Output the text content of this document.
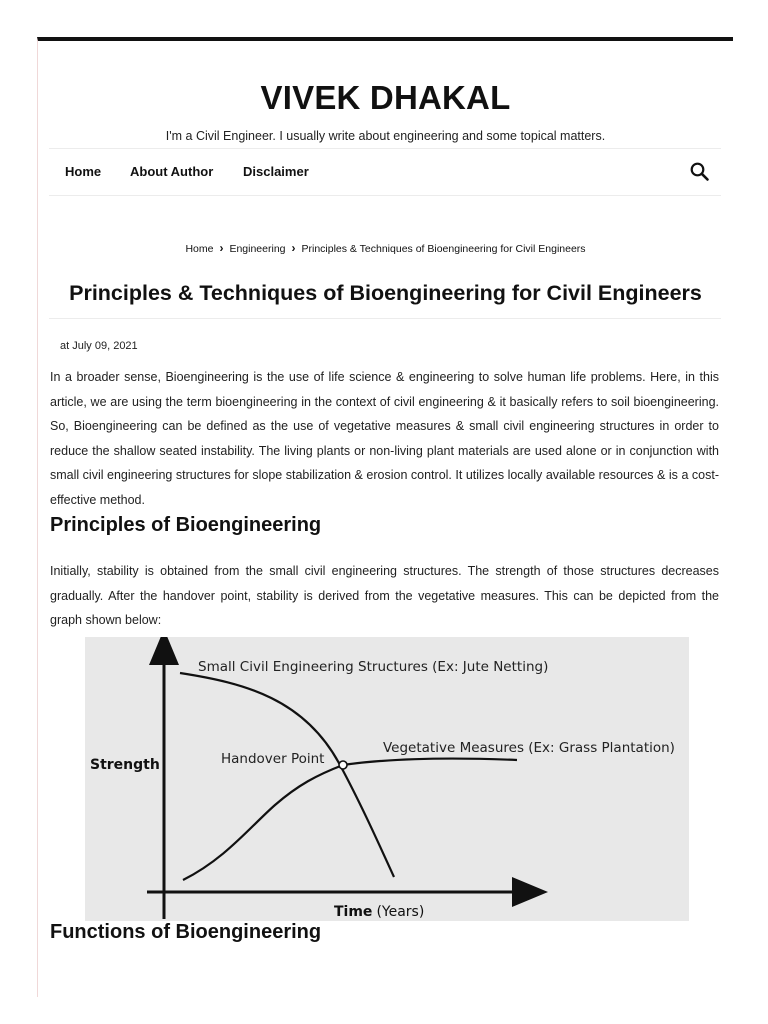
VIVEK DHAKAL
I'm a Civil Engineer. I usually write about engineering and some topical matters.
Home About Author Disclaimer
Home › Engineering › Principles & Techniques of Bioengineering for Civil Engineers
Principles & Techniques of Bioengineering for Civil Engineers
at July 09, 2021

In a broader sense, Bioengineering is the use of life science & engineering to solve human life problems. Here, in this article, we are using the term bioengineering in the context of civil engineering & it basically refers to soil bioengineering. So, Bioengineering can be defined as the use of vegetative measures & small civil engineering structures in order to reduce the shallow seated instability. The living plants or non-living plant materials are used alone or in conjunction with small civil engineering structures for slope stabilization & erosion control. It utilizes locally available resources & is a cost-effective method.

Principles of Bioengineering

Initially, stability is obtained from the small civil engineering structures. The strength of those structures decreases gradually. After the handover point, stability is derived from the vegetative measures. This can be depicted from the graph shown below:

Small Civil Engineering Structures (Ex: Jute Netting)
Vegetative Measures (Ex: Grass Plantation)
Handover Point
Strength
Time (Years)
Functions of Bioengineering
